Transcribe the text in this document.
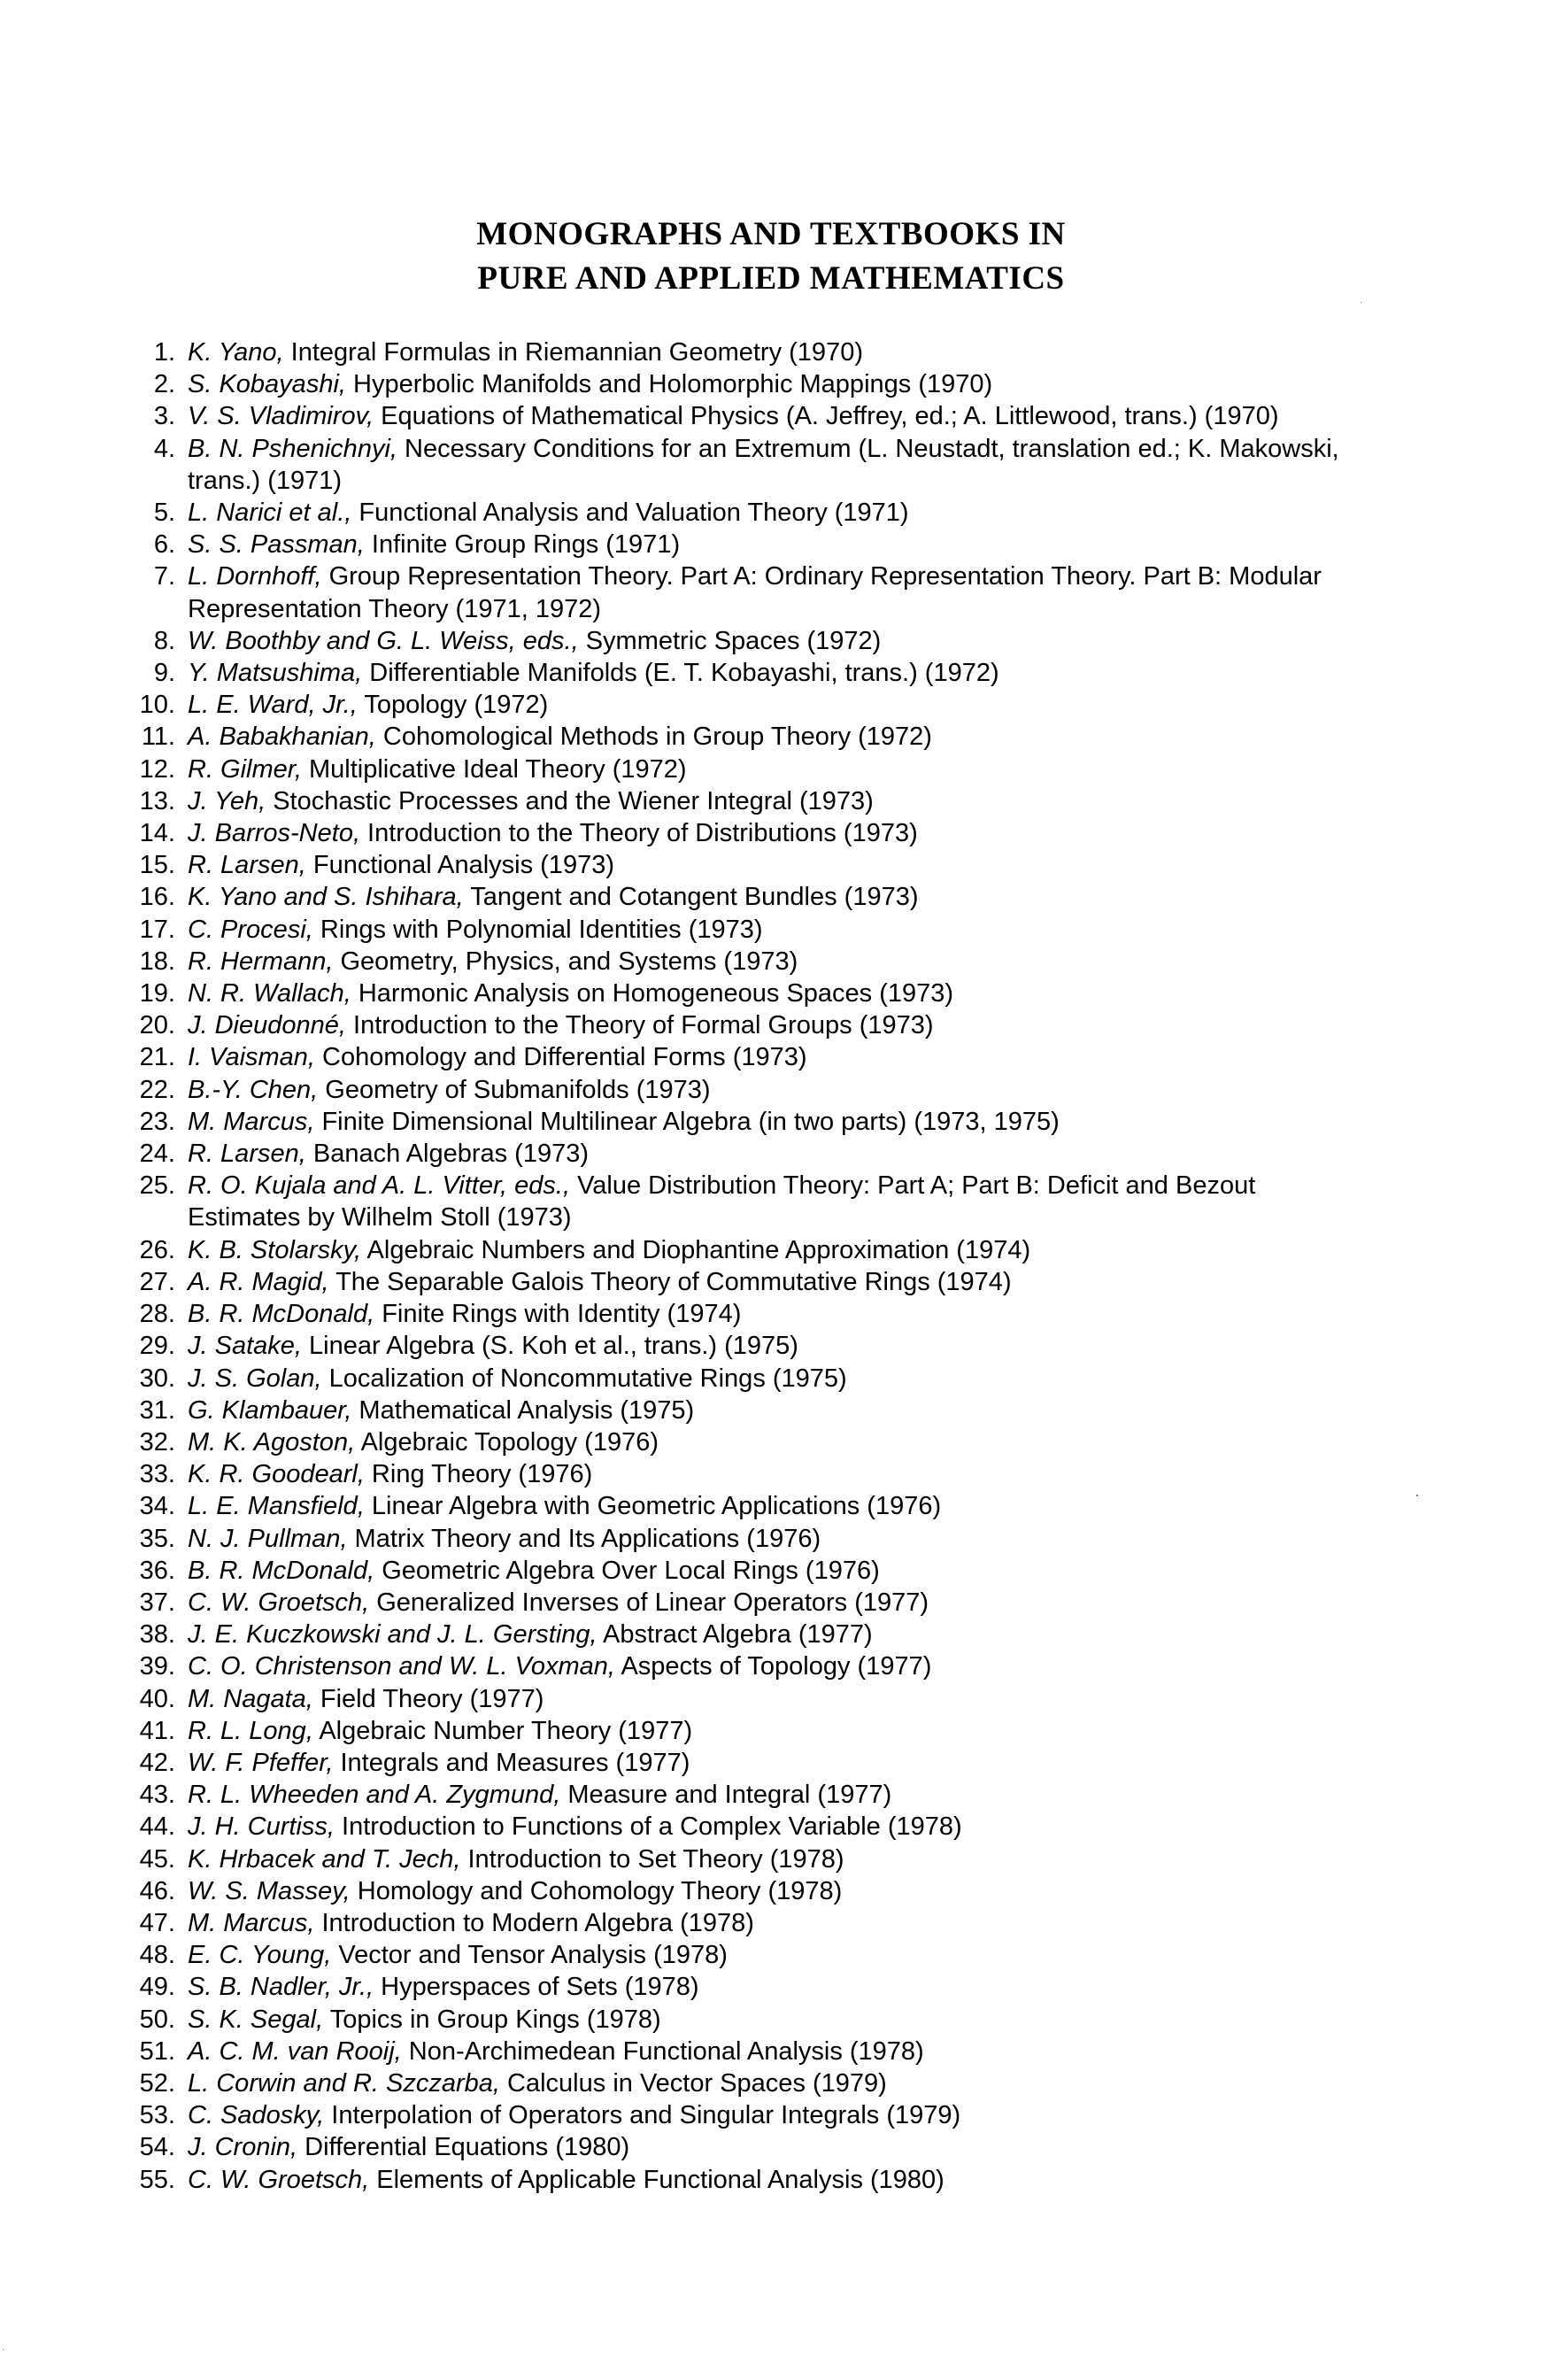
MONOGRAPHS AND TEXTBOOKS IN
PURE AND APPLIED MATHEMATICS
1. K. Yano, Integral Formulas in Riemannian Geometry (1970)
2. S. Kobayashi, Hyperbolic Manifolds and Holomorphic Mappings (1970)
3. V. S. Vladimirov, Equations of Mathematical Physics (A. Jeffrey, ed.; A. Littlewood, trans.) (1970)
4. B. N. Pshenichnyi, Necessary Conditions for an Extremum (L. Neustadt, translation ed.; K. Makowski, trans.) (1971)
5. L. Narici et al., Functional Analysis and Valuation Theory (1971)
6. S. S. Passman, Infinite Group Rings (1971)
7. L. Dornhoff, Group Representation Theory. Part A: Ordinary Representation Theory. Part B: Modular Representation Theory (1971, 1972)
8. W. Boothby and G. L. Weiss, eds., Symmetric Spaces (1972)
9. Y. Matsushima, Differentiable Manifolds (E. T. Kobayashi, trans.) (1972)
10. L. E. Ward, Jr., Topology (1972)
11. A. Babakhanian, Cohomological Methods in Group Theory (1972)
12. R. Gilmer, Multiplicative Ideal Theory (1972)
13. J. Yeh, Stochastic Processes and the Wiener Integral (1973)
14. J. Barros-Neto, Introduction to the Theory of Distributions (1973)
15. R. Larsen, Functional Analysis (1973)
16. K. Yano and S. Ishihara, Tangent and Cotangent Bundles (1973)
17. C. Procesi, Rings with Polynomial Identities (1973)
18. R. Hermann, Geometry, Physics, and Systems (1973)
19. N. R. Wallach, Harmonic Analysis on Homogeneous Spaces (1973)
20. J. Dieudonné, Introduction to the Theory of Formal Groups (1973)
21. I. Vaisman, Cohomology and Differential Forms (1973)
22. B.-Y. Chen, Geometry of Submanifolds (1973)
23. M. Marcus, Finite Dimensional Multilinear Algebra (in two parts) (1973, 1975)
24. R. Larsen, Banach Algebras (1973)
25. R. O. Kujala and A. L. Vitter, eds., Value Distribution Theory: Part A; Part B: Deficit and Bezout Estimates by Wilhelm Stoll (1973)
26. K. B. Stolarsky, Algebraic Numbers and Diophantine Approximation (1974)
27. A. R. Magid, The Separable Galois Theory of Commutative Rings (1974)
28. B. R. McDonald, Finite Rings with Identity (1974)
29. J. Satake, Linear Algebra (S. Koh et al., trans.) (1975)
30. J. S. Golan, Localization of Noncommutative Rings (1975)
31. G. Klambauer, Mathematical Analysis (1975)
32. M. K. Agoston, Algebraic Topology (1976)
33. K. R. Goodearl, Ring Theory (1976)
34. L. E. Mansfield, Linear Algebra with Geometric Applications (1976)
35. N. J. Pullman, Matrix Theory and Its Applications (1976)
36. B. R. McDonald, Geometric Algebra Over Local Rings (1976)
37. C. W. Groetsch, Generalized Inverses of Linear Operators (1977)
38. J. E. Kuczkowski and J. L. Gersting, Abstract Algebra (1977)
39. C. O. Christenson and W. L. Voxman, Aspects of Topology (1977)
40. M. Nagata, Field Theory (1977)
41. R. L. Long, Algebraic Number Theory (1977)
42. W. F. Pfeffer, Integrals and Measures (1977)
43. R. L. Wheeden and A. Zygmund, Measure and Integral (1977)
44. J. H. Curtiss, Introduction to Functions of a Complex Variable (1978)
45. K. Hrbacek and T. Jech, Introduction to Set Theory (1978)
46. W. S. Massey, Homology and Cohomology Theory (1978)
47. M. Marcus, Introduction to Modern Algebra (1978)
48. E. C. Young, Vector and Tensor Analysis (1978)
49. S. B. Nadler, Jr., Hyperspaces of Sets (1978)
50. S. K. Segal, Topics in Group Kings (1978)
51. A. C. M. van Rooij, Non-Archimedean Functional Analysis (1978)
52. L. Corwin and R. Szczarba, Calculus in Vector Spaces (1979)
53. C. Sadosky, Interpolation of Operators and Singular Integrals (1979)
54. J. Cronin, Differential Equations (1980)
55. C. W. Groetsch, Elements of Applicable Functional Analysis (1980)
·
·
·
